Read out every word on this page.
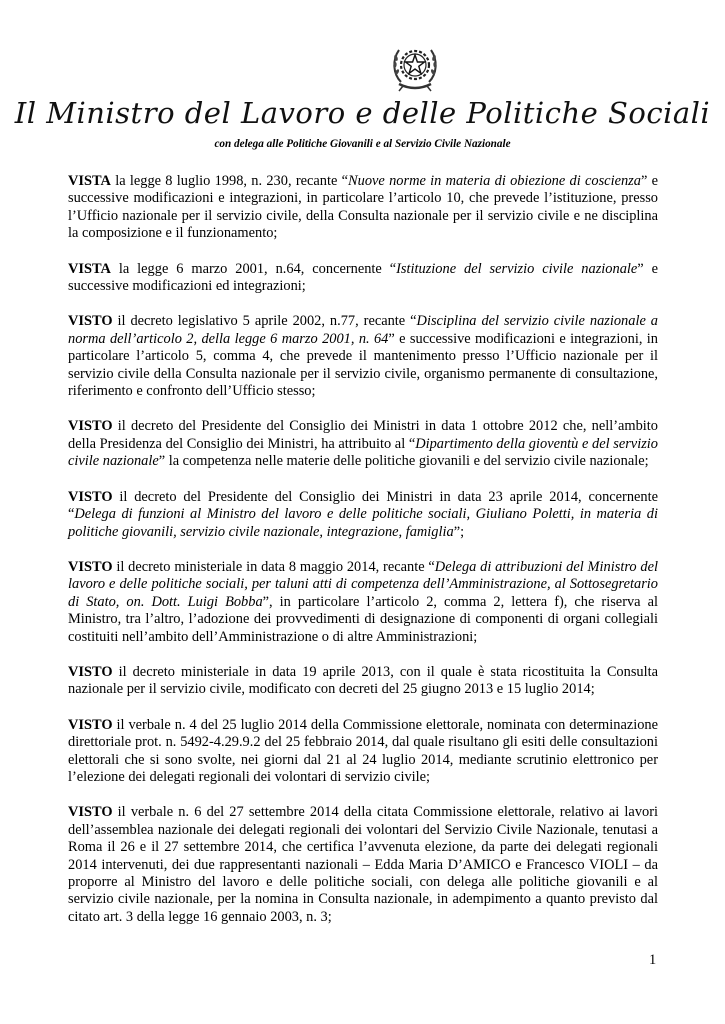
Il Ministro del Lavoro e delle Politiche Sociali
con delega alle Politiche Giovanili e al Servizio Civile Nazionale

VISTA la legge 8 luglio 1998, n. 230, recante “Nuove norme in materia di obiezione di coscienza” e successive modificazioni e integrazioni, in particolare l’articolo 10, che prevede l’istituzione, presso l’Ufficio nazionale per il servizio civile, della Consulta nazionale per il servizio civile e ne disciplina la composizione e il funzionamento;

VISTA la legge 6 marzo 2001, n.64, concernente “Istituzione del servizio civile nazionale” e successive modificazioni ed integrazioni;

VISTO il decreto legislativo 5 aprile 2002, n.77, recante “Disciplina del servizio civile nazionale a norma dell’articolo 2, della legge 6 marzo 2001, n. 64” e successive modificazioni e integrazioni, in particolare l’articolo 5, comma 4, che prevede il mantenimento presso l’Ufficio nazionale per il servizio civile della Consulta nazionale per il servizio civile, organismo permanente di consultazione, riferimento e confronto dell’Ufficio stesso;

VISTO il decreto del Presidente del Consiglio dei Ministri in data 1 ottobre 2012 che, nell’ambito della Presidenza del Consiglio dei Ministri, ha attribuito al “Dipartimento della gioventù e del servizio civile nazionale” la competenza nelle materie delle politiche giovanili e del servizio civile nazionale;

VISTO il decreto del Presidente del Consiglio dei Ministri in data 23 aprile 2014, concernente “Delega di funzioni al Ministro del lavoro e delle politiche sociali, Giuliano Poletti, in materia di politiche giovanili, servizio civile nazionale, integrazione, famiglia”;

VISTO il decreto ministeriale in data 8 maggio 2014, recante “Delega di attribuzioni del Ministro del lavoro e delle politiche sociali, per taluni atti di competenza dell’Amministrazione, al Sottosegretario di Stato, on. Dott. Luigi Bobba”, in particolare l’articolo 2, comma 2, lettera f), che riserva al Ministro, tra l’altro, l’adozione dei provvedimenti di designazione di componenti di organi collegiali costituiti nell’ambito dell’Amministrazione o di altre Amministrazioni;

VISTO il decreto ministeriale in data 19 aprile 2013, con il quale è stata ricostituita la Consulta nazionale per il servizio civile, modificato con decreti del 25 giugno 2013 e 15 luglio 2014;

VISTO il verbale n. 4 del 25 luglio 2014 della Commissione elettorale, nominata con determinazione direttoriale prot. n. 5492-4.29.9.2 del 25 febbraio 2014, dal quale risultano gli esiti delle consultazioni elettorali che si sono svolte, nei giorni dal 21 al 24 luglio 2014, mediante scrutinio elettronico per l’elezione dei delegati regionali dei volontari di servizio civile;

VISTO il verbale n. 6 del 27 settembre 2014 della citata Commissione elettorale, relativo ai lavori dell’assemblea nazionale dei delegati regionali dei volontari del Servizio Civile Nazionale, tenutasi a Roma il 26 e il 27 settembre 2014, che certifica l’avvenuta elezione, da parte dei delegati regionali 2014 intervenuti, dei due rappresentanti nazionali – Edda Maria D’AMICO e Francesco VIOLI – da proporre al Ministro del lavoro e delle politiche sociali, con delega alle politiche giovanili e al servizio civile nazionale, per la nomina in Consulta nazionale, in adempimento a quanto previsto dal citato art. 3 della legge 16 gennaio 2003, n. 3;

1
